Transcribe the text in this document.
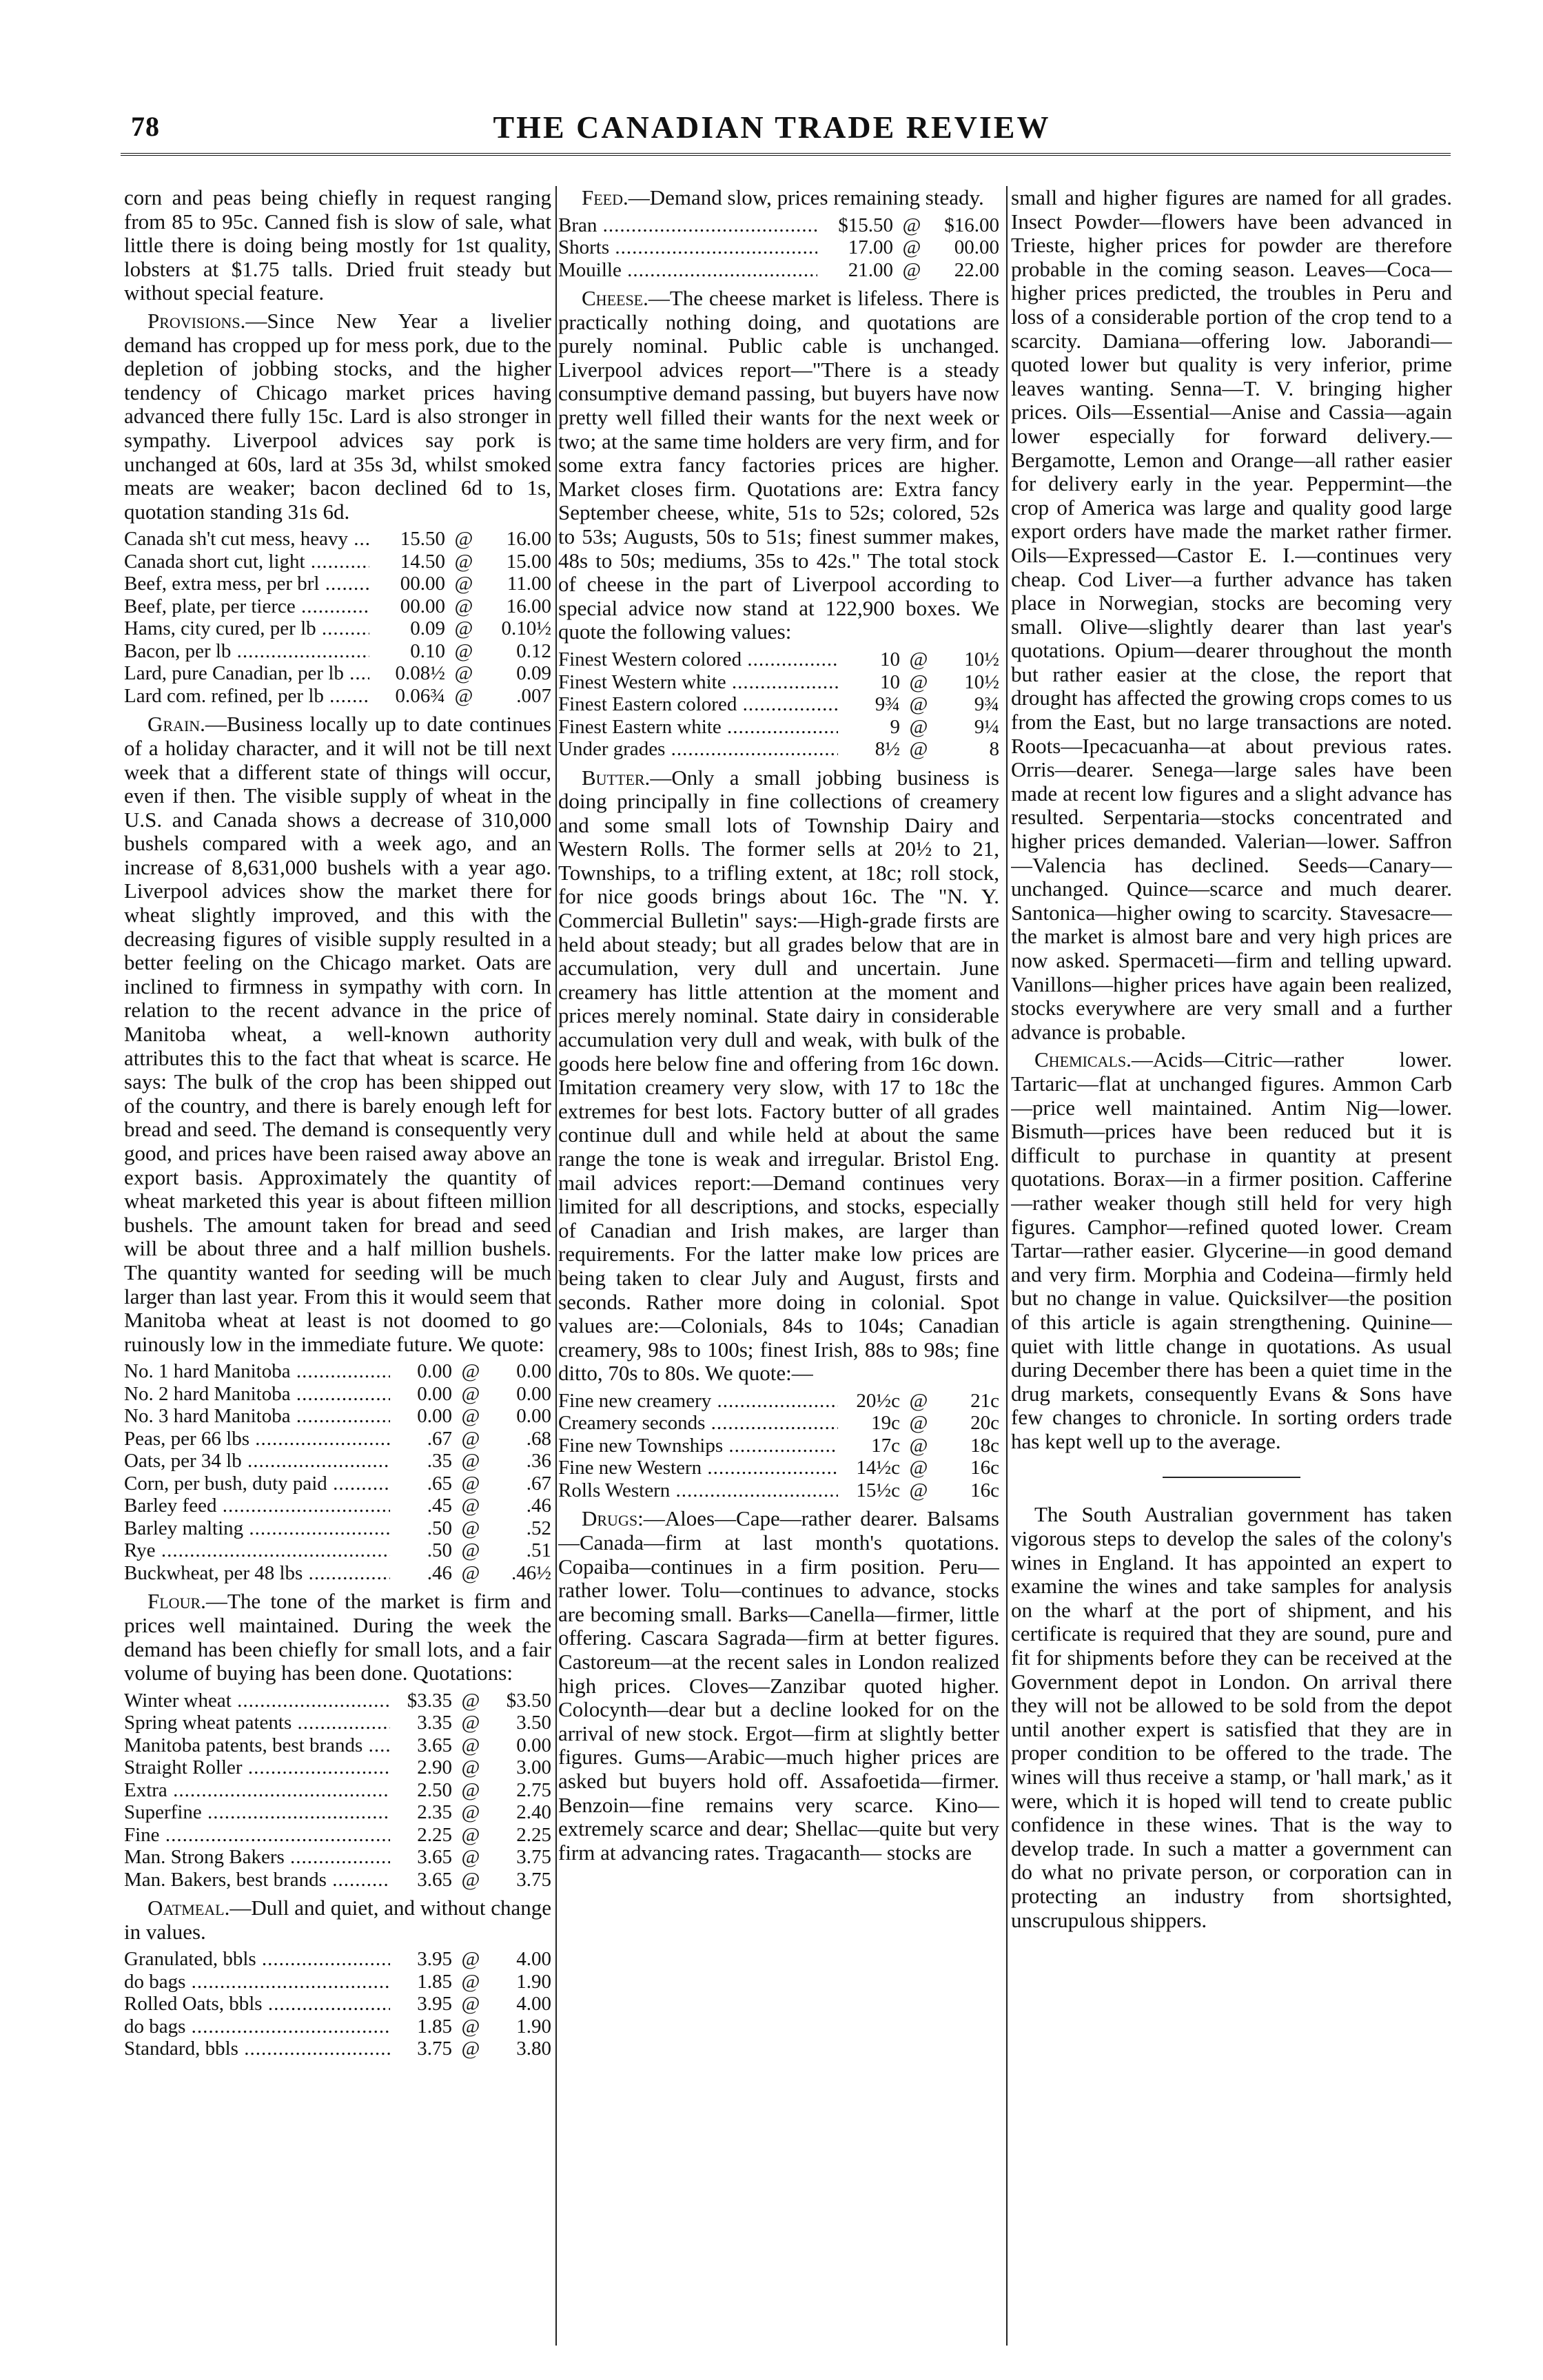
78	THE CANADIAN TRADE REVIEW

corn and peas being chiefly in request ranging from 85 to 95c. Canned fish is slow of sale, what little there is doing being mostly for 1st quality, lobsters at $1.75 talls. Dried fruit steady but without special feature.

Provisions.—Since New Year a livelier demand has cropped up for mess pork, due to the depletion of jobbing stocks, and the higher tendency of Chicago market prices having advanced there fully 15c. Lard is also stronger in sympathy. Liverpool advices say pork is unchanged at 60s, lard at 35s 3d, whilst smoked meats are weaker; bacon declined 6d to 1s, quotation standing 31s 6d.

Canada sh't cut mess, heavy .....	15.50	@	16.00
Canada short cut, light .....	14.50	@	15.00
Beef, extra mess, per brl .....	00.00	@	11.00
Beef, plate, per tierce .....	00.00	@	16.00
Hams, city cured, per lb .....	0.09	@	0.10½
Bacon, per lb .....	0.10	@	0.12
Lard, pure Canadian, per lb .....	0.08½	@	0.09
Lard com. refined, per lb .....	0.06¾	@	.007

Grain.—Business locally up to date continues of a holiday character, and it will not be till next week that a different state of things will occur, even if then. The visible supply of wheat in the U.S. and Canada shows a decrease of 310,000 bushels compared with a week ago, and an increase of 8,631,000 bushels with a year ago. Liverpool advices show the market there for wheat slightly improved, and this with the decreasing figures of visible supply resulted in a better feeling on the Chicago market. Oats are inclined to firmness in sympathy with corn. In relation to the recent advance in the price of Manitoba wheat, a well-known authority attributes this to the fact that wheat is scarce. He says: The bulk of the crop has been shipped out of the country, and there is barely enough left for bread and seed. The demand is consequently very good, and prices have been raised away above an export basis. Approximately the quantity of wheat marketed this year is about fifteen million bushels. The amount taken for bread and seed will be about three and a half million bushels. The quantity wanted for seeding will be much larger than last year. From this it would seem that Manitoba wheat at least is not doomed to go ruinously low in the immediate future. We quote:

No. 1 hard Manitoba .....	0.00	@	0.00
No. 2 hard Manitoba .....	0.00	@	0.00
No. 3 hard Manitoba .....	0.00	@	0.00
Peas, per 66 lbs .....	.67	@	.68
Oats, per 34 lb .....	.35	@	.36
Corn, per bush, duty paid .....	.65	@	.67
Barley feed .....	.45	@	.46
Barley malting .....	.50	@	.52
Rye .....	.50	@	.51
Buckwheat, per 48 lbs .....	.46	@	.46½

Flour.—The tone of the market is firm and prices well maintained. During the week the demand has been chiefly for small lots, and a fair volume of buying has been done. Quotations:

Winter wheat .....	$3.35	@	$3.50
Spring wheat patents .....	3.35	@	3.50
Manitoba patents, best brands .....	3.65	@	0.00
Straight Roller .....	2.90	@	3.00
Extra .....	2.50	@	2.75
Superfine .....	2.35	@	2.40
Fine .....	2.25	@	2.25
Man. Strong Bakers .....	3.65	@	3.75
Man. Bakers, best brands .....	3.65	@	3.75

Oatmeal.—Dull and quiet, and without change in values.

Granulated, bbls .....	3.95	@	4.00
do bags .....	1.85	@	1.90
Rolled Oats, bbls .....	3.95	@	4.00
do bags .....	1.85	@	1.90
Standard, bbls .....	3.75	@	3.80

Feed.—Demand slow, prices remaining steady.

Bran .....	$15.50	@	$16.00
Shorts .....	17.00	@	00.00
Mouille .....	21.00	@	22.00

Cheese.—The cheese market is lifeless. There is practically nothing doing, and quotations are purely nominal. Public cable is unchanged. Liverpool advices report—"There is a steady consumptive demand passing, but buyers have now pretty well filled their wants for the next week or two; at the same time holders are very firm, and for some extra fancy factories prices are higher. Market closes firm. Quotations are: Extra fancy September cheese, white, 51s to 52s; colored, 52s to 53s; Augusts, 50s to 51s; finest summer makes, 48s to 50s; mediums, 35s to 42s." The total stock of cheese in the part of Liverpool according to special advice now stand at 122,900 boxes. We quote the following values:

Finest Western colored .....	10	@	10½
Finest Western white .....	10	@	10½
Finest Eastern colored .....	9¾	@	9¾
Finest Eastern white .....	9	@	9¼
Under grades .....	8½	@	8

Butter.—Only a small jobbing business is doing principally in fine collections of creamery and some small lots of Township Dairy and Western Rolls. The former sells at 20½ to 21, Townships, to a trifling extent, at 18c; roll stock, for nice goods brings about 16c. The "N. Y. Commercial Bulletin" says:—High-grade firsts are held about steady; but all grades below that are in accumulation, very dull and uncertain. June creamery has little attention at the moment and prices merely nominal. State dairy in considerable accumulation very dull and weak, with bulk of the goods here below fine and offering from 16c down. Imitation creamery very slow, with 17 to 18c the extremes for best lots. Factory butter of all grades continue dull and while held at about the same range the tone is weak and irregular. Bristol Eng. mail advices report:—Demand continues very limited for all descriptions, and stocks, especially of Canadian and Irish makes, are larger than requirements. For the latter make low prices are being taken to clear July and August, firsts and seconds. Rather more doing in colonial. Spot values are:—Colonials, 84s to 104s; Canadian creamery, 98s to 100s; finest Irish, 88s to 98s; fine ditto, 70s to 80s. We quote:—

Fine new creamery .....	20½c	@	21c
Creamery seconds .....	19c	@	20c
Fine new Townships .....	17c	@	18c
Fine new Western .....	14½c	@	16c
Rolls Western .....	15½c	@	16c

Drugs:—Aloes—Cape—rather dearer. Balsams—Canada—firm at last month's quotations. Copaiba—continues in a firm position. Peru—rather lower. Tolu—continues to advance, stocks are becoming small. Barks—Canella—firmer, little offering. Cascara Sagrada—firm at better figures. Castoreum—at the recent sales in London realized high prices. Cloves—Zanzibar quoted higher. Colocynth—dear but a decline looked for on the arrival of new stock. Ergot—firm at slightly better figures. Gums—Arabic—much higher prices are asked but buyers hold off. Assafoetida—firmer. Benzoin—fine remains very scarce. Kino—extremely scarce and dear; Shellac—quite but very firm at advancing rates. Tragacanth— stocks are

small and higher figures are named for all grades. Insect Powder—flowers have been advanced in Trieste, higher prices for powder are therefore probable in the coming season. Leaves—Coca—higher prices predicted, the troubles in Peru and loss of a considerable portion of the crop tend to a scarcity. Damiana—offering low. Jaborandi—quoted lower but quality is very inferior, prime leaves wanting. Senna—T. V. bringing higher prices. Oils—Essential—Anise and Cassia—again lower especially for forward delivery.—Bergamotte, Lemon and Orange—all rather easier for delivery early in the year. Peppermint—the crop of America was large and quality good large export orders have made the market rather firmer. Oils—Expressed—Castor E. I.—continues very cheap. Cod Liver—a further advance has taken place in Norwegian, stocks are becoming very small. Olive—slightly dearer than last year's quotations. Opium—dearer throughout the month but rather easier at the close, the report that drought has affected the growing crops comes to us from the East, but no large transactions are noted. Roots—Ipecacuanha—at about previous rates. Orris—dearer. Senega—large sales have been made at recent low figures and a slight advance has resulted. Serpentaria—stocks concentrated and higher prices demanded. Valerian—lower. Saffron—Valencia has declined. Seeds—Canary—unchanged. Quince—scarce and much dearer. Santonica—higher owing to scarcity. Stavesacre—the market is almost bare and very high prices are now asked. Spermaceti—firm and telling upward. Vanillons—higher prices have again been realized, stocks everywhere are very small and a further advance is probable.

Chemicals.—Acids—Citric—rather lower. Tartaric—flat at unchanged figures. Ammon Carb—price well maintained. Antim Nig—lower. Bismuth—prices have been reduced but it is difficult to purchase in quantity at present quotations. Borax—in a firmer position. Cafferine—rather weaker though still held for very high figures. Camphor—refined quoted lower. Cream Tartar—rather easier. Glycerine—in good demand and very firm. Morphia and Codeina—firmly held but no change in value. Quicksilver—the position of this article is again strengthening. Quinine—quiet with little change in quotations. As usual during December there has been a quiet time in the drug markets, consequently Evans & Sons have few changes to chronicle. In sorting orders trade has kept well up to the average.

The South Australian government has taken vigorous steps to develop the sales of the colony's wines in England. It has appointed an expert to examine the wines and take samples for analysis on the wharf at the port of shipment, and his certificate is required that they are sound, pure and fit for shipments before they can be received at the Government depot in London. On arrival there they will not be allowed to be sold from the depot until another expert is satisfied that they are in proper condition to be offered to the trade. The wines will thus receive a stamp, or 'hall mark,' as it were, which it is hoped will tend to create public confidence in these wines. That is the way to develop trade. In such a matter a government can do what no private person, or corporation can in protecting an industry from shortsighted, unscrupulous shippers.
